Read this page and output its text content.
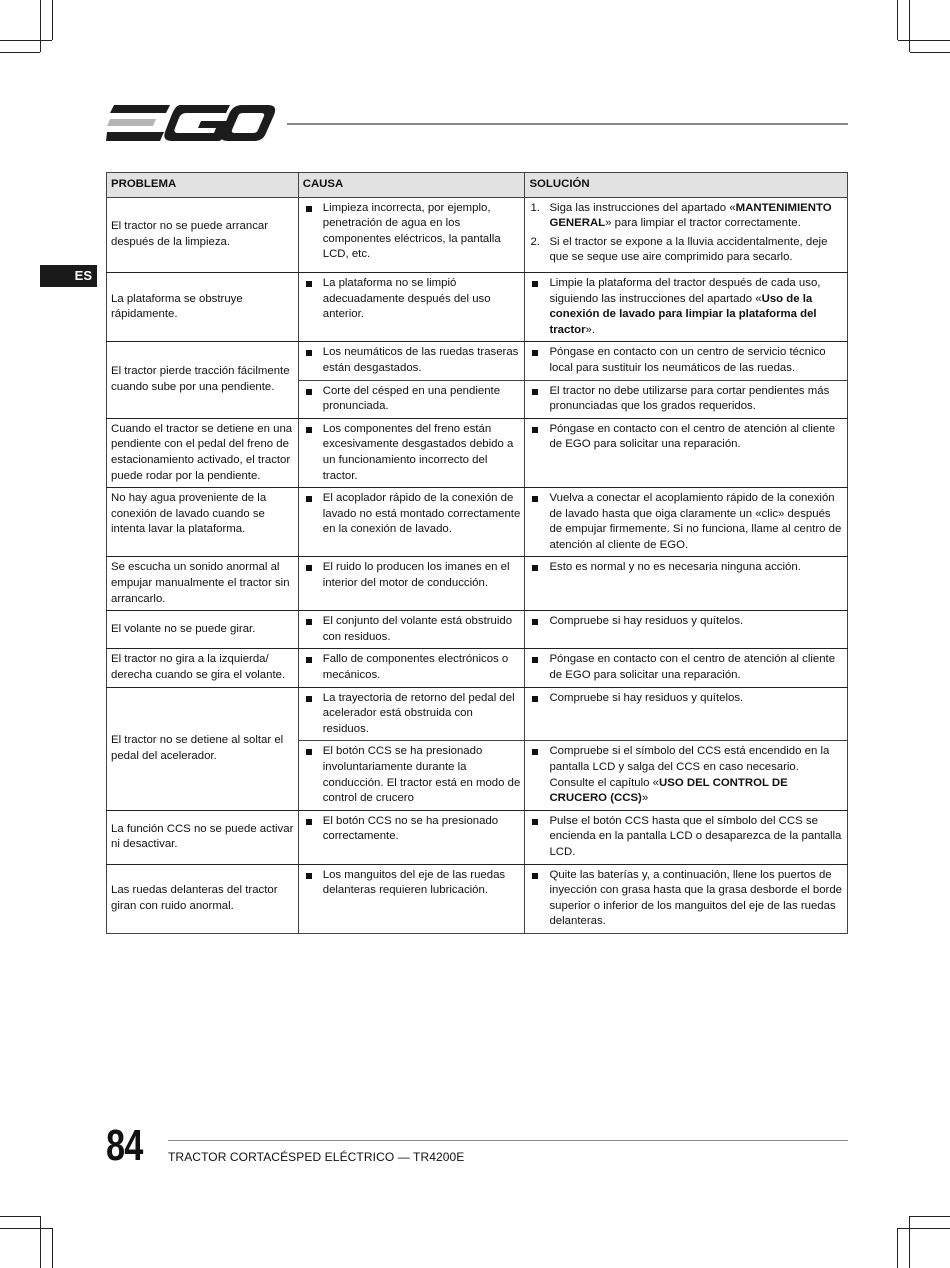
ES
PROBLEMA	CAUSA	SOLUCIÓN
El tractor no se puede arrancar después de la limpieza.	Limpieza incorrecta, por ejemplo, penetración de agua en los componentes eléctricos, la pantalla LCD, etc.	1. Siga las instrucciones del apartado «MANTENIMIENTO GENERAL» para limpiar el tractor correctamente.
2. Si el tractor se expone a la lluvia accidentalmente, deje que se seque use aire comprimido para secarlo.

La plataforma se obstruye rápidamente.	La plataforma no se limpió adecuadamente después del uso anterior.	Limpie la plataforma del tractor después de cada uso, siguiendo las instrucciones del apartado «Uso de la conexión de lavado para limpiar la plataforma del tractor».

El tractor pierde tracción fácilmente cuando sube por una pendiente.	Los neumáticos de las ruedas traseras están desgastados.	Póngase en contacto con un centro de servicio técnico local para sustituir los neumáticos de las ruedas.

	Corte del césped en una pendiente pronunciada.	El tractor no debe utilizarse para cortar pendientes más pronunciadas que los grados requeridos.

Cuando el tractor se detiene en una pendiente con el pedal del freno de estacionamiento activado, el tractor puede rodar por la pendiente.	Los componentes del freno están excesivamente desgastados debido a un funcionamiento incorrecto del tractor.	Póngase en contacto con el centro de atención al cliente de EGO para solicitar una reparación.

No hay agua proveniente de la conexión de lavado cuando se intenta lavar la plataforma.	El acoplador rápido de la conexión de lavado no está montado correctamente en la conexión de lavado.	Vuelva a conectar el acoplamiento rápido de la conexión de lavado hasta que oiga claramente un «clic» después de empujar firmemente. Si no funciona, llame al centro de atención al cliente de EGO.

Se escucha un sonido anormal al empujar manualmente el tractor sin arrancarlo.	El ruido lo producen los imanes en el interior del motor de conducción.	Esto es normal y no es necesaria ninguna acción.

El volante no se puede girar.	El conjunto del volante está obstruido con residuos.	Compruebe si hay residuos y quítelos.

El tractor no gira a la izquierda/ derecha cuando se gira el volante.	Fallo de componentes electrónicos o mecánicos.	Póngase en contacto con el centro de atención al cliente de EGO para solicitar una reparación.

El tractor no se detiene al soltar el pedal del acelerador.	La trayectoria de retorno del pedal del acelerador está obstruida con residuos.	Compruebe si hay residuos y quítelos.

	El botón CCS se ha presionado involuntariamente durante la conducción. El tractor está en modo de control de crucero	Compruebe si el símbolo del CCS está encendido en la pantalla LCD y salga del CCS en caso necesario. Consulte el capítulo «USO DEL CONTROL DE CRUCERO (CCS)»

La función CCS no se puede activar ni desactivar.	El botón CCS no se ha presionado correctamente.	Pulse el botón CCS hasta que el símbolo del CCS se encienda en la pantalla LCD o desaparezca de la pantalla LCD.

Las ruedas delanteras del tractor giran con ruido anormal.	Los manguitos del eje de las ruedas delanteras requieren lubricación.	Quite las baterías y, a continuación, llene los puertos de inyección con grasa hasta que la grasa desborde el borde superior o inferior de los manguitos del eje de las ruedas delanteras.
84 TRACTOR CORTACÉSPED ELÉCTRICO — TR4200E
